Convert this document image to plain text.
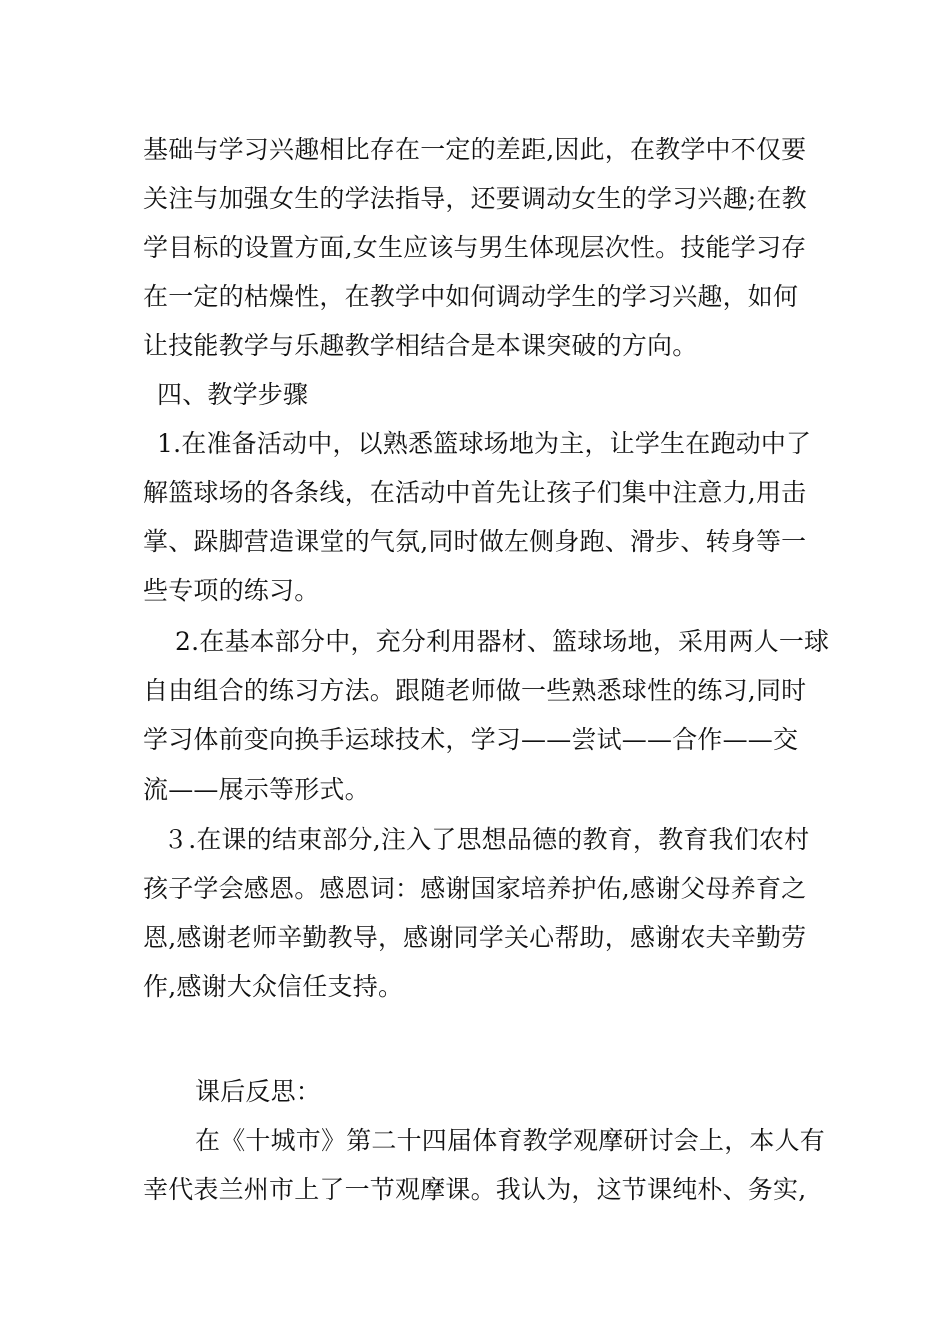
基础与学习兴趣相比存在一定的差距,因此，在教学中不仅要
关注与加强女生的学法指导，还要调动女生的学习兴趣;在教
学目标的设置方面,女生应该与男生体现层次性。技能学习存
在一定的枯燥性，在教学中如何调动学生的学习兴趣，如何
让技能教学与乐趣教学相结合是本课突破的方向。
四、教学步骤
1.在准备活动中，以熟悉篮球场地为主，让学生在跑动中了
解篮球场的各条线，在活动中首先让孩子们集中注意力,用击
掌、跺脚营造课堂的气氛,同时做左侧身跑、滑步、转身等一
些专项的练习。
2.在基本部分中，充分利用器材、篮球场地，采用两人一球
自由组合的练习方法。跟随老师做一些熟悉球性的练习,同时
学习体前变向换手运球技术，学习——尝试——合作——交
流——展示等形式。
３.在课的结束部分,注入了思想品德的教育，教育我们农村
孩子学会感恩。感恩词：感谢国家培养护佑,感谢父母养育之
恩,感谢老师辛勤教导，感谢同学关心帮助，感谢农夫辛勤劳
作,感谢大众信任支持。
课后反思：
在《十城市》第二十四届体育教学观摩研讨会上，本人有
幸代表兰州市上了一节观摩课。我认为，这节课纯朴、务实,
